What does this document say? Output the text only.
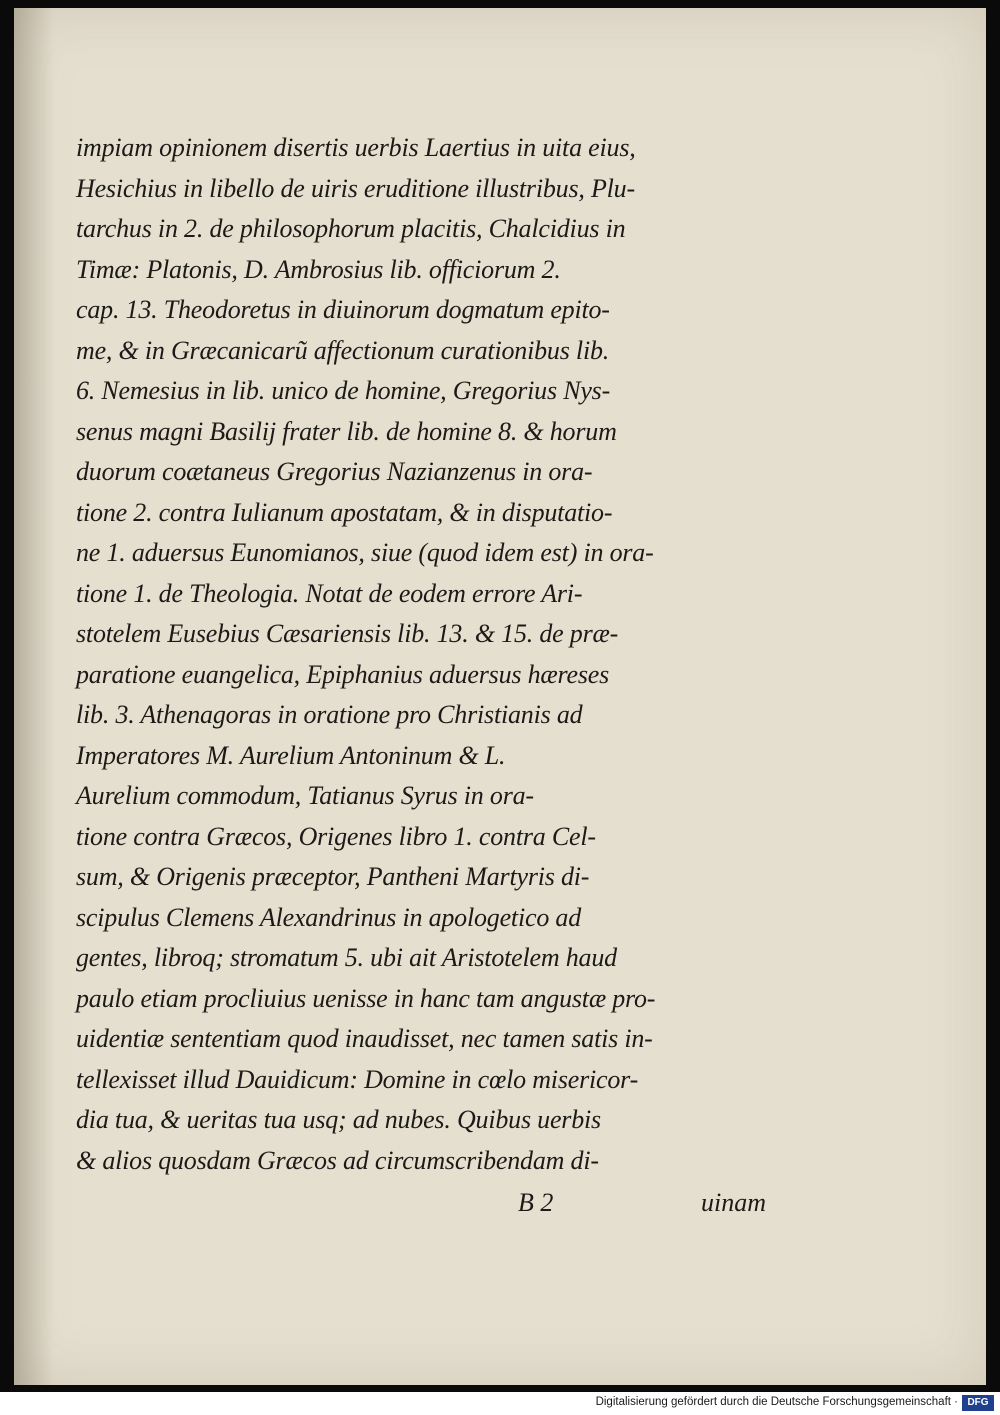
impiam opinionem disertis uerbis Laertius in uita eius,
Hesichius in libello de uiris eruditione illustribus, Plu-
tarchus in 2. de philosophorum placitis, Chalcidius in
Timæ: Platonis, D. Ambrosius lib. officiorum 2.
cap. 13. Theodoretus in diuinorum dogmatum epito-
me, & in Græcanicarũ affectionum curationibus lib.
6. Nemesius in lib. unico de homine, Gregorius Nys-
senus magni Basilij frater lib. de homine 8. & horum
duorum coætaneus Gregorius Nazianzenus in ora-
tione 2. contra Iulianum apostatam, & in disputatio-
ne 1. aduersus Eunomianos, siue (quod idem est) in ora-
tione 1. de Theologia. Notat de eodem errore Ari-
stotelem Eusebius Cæsariensis lib. 13. & 15. de præ-
paratione euangelica, Epiphanius aduersus hæreses
lib. 3. Athenagoras in oratione pro Christianis ad
Imperatores M. Aurelium Antoninum & L.
Aurelium commodum, Tatianus Syrus in ora-
tione contra Græcos, Origenes libro 1. contra Cel-
sum, & Origenis præceptor, Pantheni Martyris di-
scipulus Clemens Alexandrinus in apologetico ad
gentes, libroq; stromatum 5. ubi ait Aristotelem haud
paulo etiam procliuius uenisse in hanc tam angustæ pro-
uidentiæ sententiam quod inaudisset, nec tamen satis in-
tellexisset illud Dauidicum: Domine in cœlo misericor-
dia tua, & ueritas tua usq; ad nubes. Quibus uerbis
& alios quosdam Græcos ad circumscribendam di-
B 2	uinam
Digitalisierung gefördert durch die Deutsche Forschungsgemeinschaft · DFG
